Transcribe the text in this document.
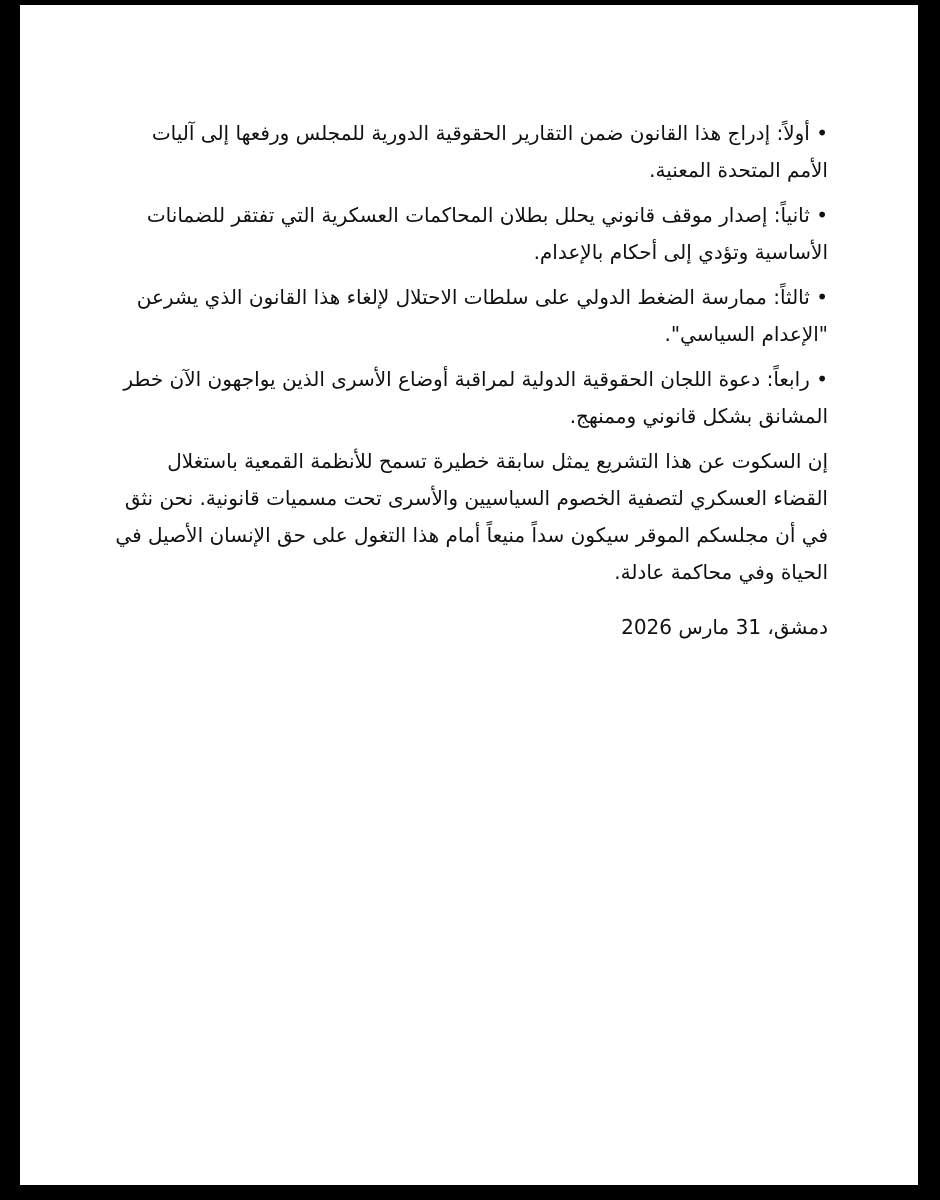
• أولاً: إدراج هذا القانون ضمن التقارير الحقوقية الدورية للمجلس ورفعها إلى آليات الأمم المتحدة المعنية.

• ثانياً: إصدار موقف قانوني يحلل بطلان المحاكمات العسكرية التي تفتقر للضمانات الأساسية وتؤدي إلى أحكام بالإعدام.

• ثالثاً: ممارسة الضغط الدولي على سلطات الاحتلال لإلغاء هذا القانون الذي يشرعن "الإعدام السياسي".

• رابعاً: دعوة اللجان الحقوقية الدولية لمراقبة أوضاع الأسرى الذين يواجهون الآن خطر المشانق بشكل قانوني وممنهج.

إن السكوت عن هذا التشريع يمثل سابقة خطيرة تسمح للأنظمة القمعية باستغلال القضاء العسكري لتصفية الخصوم السياسيين والأسرى تحت مسميات قانونية. نحن نثق في أن مجلسكم الموقر سيكون سداً منيعاً أمام هذا التغول على حق الإنسان الأصيل في الحياة وفي محاكمة عادلة.

دمشق، 31 مارس 2026
